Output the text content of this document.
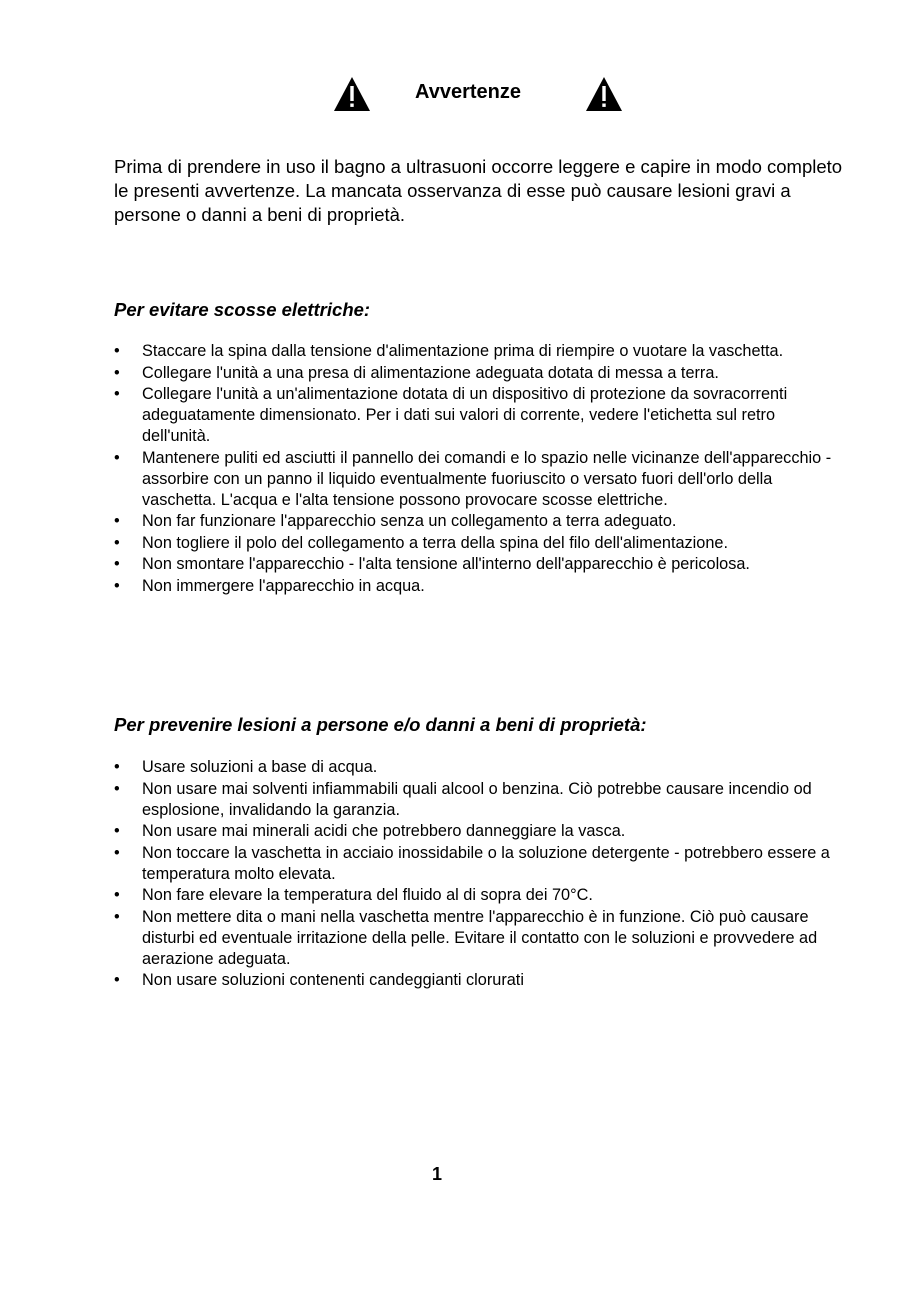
Avvertenze
Prima di prendere in uso il bagno a ultrasuoni occorre leggere e capire in modo completo le presenti avvertenze. La mancata osservanza di esse può causare lesioni gravi a persone o danni a beni di proprietà.
Per evitare scosse elettriche:
• Staccare la spina dalla tensione d'alimentazione prima di riempire o vuotare la vaschetta.
• Collegare l'unità a una presa di alimentazione adeguata dotata di messa a terra.
• Collegare l'unità a un'alimentazione dotata di un dispositivo di protezione da sovracorrenti adeguatamente dimensionato. Per i dati sui valori di corrente, vedere l'etichetta sul retro dell'unità.
• Mantenere puliti ed asciutti il pannello dei comandi e lo spazio nelle vicinanze dell'apparecchio - assorbire con un panno il liquido eventualmente fuoriuscito o versato fuori dell'orlo della vaschetta. L'acqua e l'alta tensione possono provocare scosse elettriche.
• Non far funzionare l'apparecchio senza un collegamento a terra adeguato.
• Non togliere il polo del collegamento a terra della spina del filo dell'alimentazione.
• Non smontare l'apparecchio - l'alta tensione all'interno dell'apparecchio è pericolosa.
• Non immergere l'apparecchio in acqua.
Per prevenire lesioni a persone e/o danni a beni di proprietà:
• Usare soluzioni a base di acqua.
• Non usare mai solventi infiammabili quali alcool o benzina. Ciò potrebbe causare incendio od esplosione, invalidando la garanzia.
• Non usare mai minerali acidi che potrebbero danneggiare la vasca.
• Non toccare la vaschetta in acciaio inossidabile o la soluzione detergente - potrebbero essere a temperatura molto elevata.
• Non fare elevare la temperatura del fluido al di sopra dei 70°C.
• Non mettere dita o mani nella vaschetta mentre l'apparecchio è in funzione. Ciò può causare disturbi ed eventuale irritazione della pelle. Evitare il contatto con le soluzioni e provvedere ad aerazione adeguata.
• Non usare soluzioni contenenti candeggianti clorurati
1
